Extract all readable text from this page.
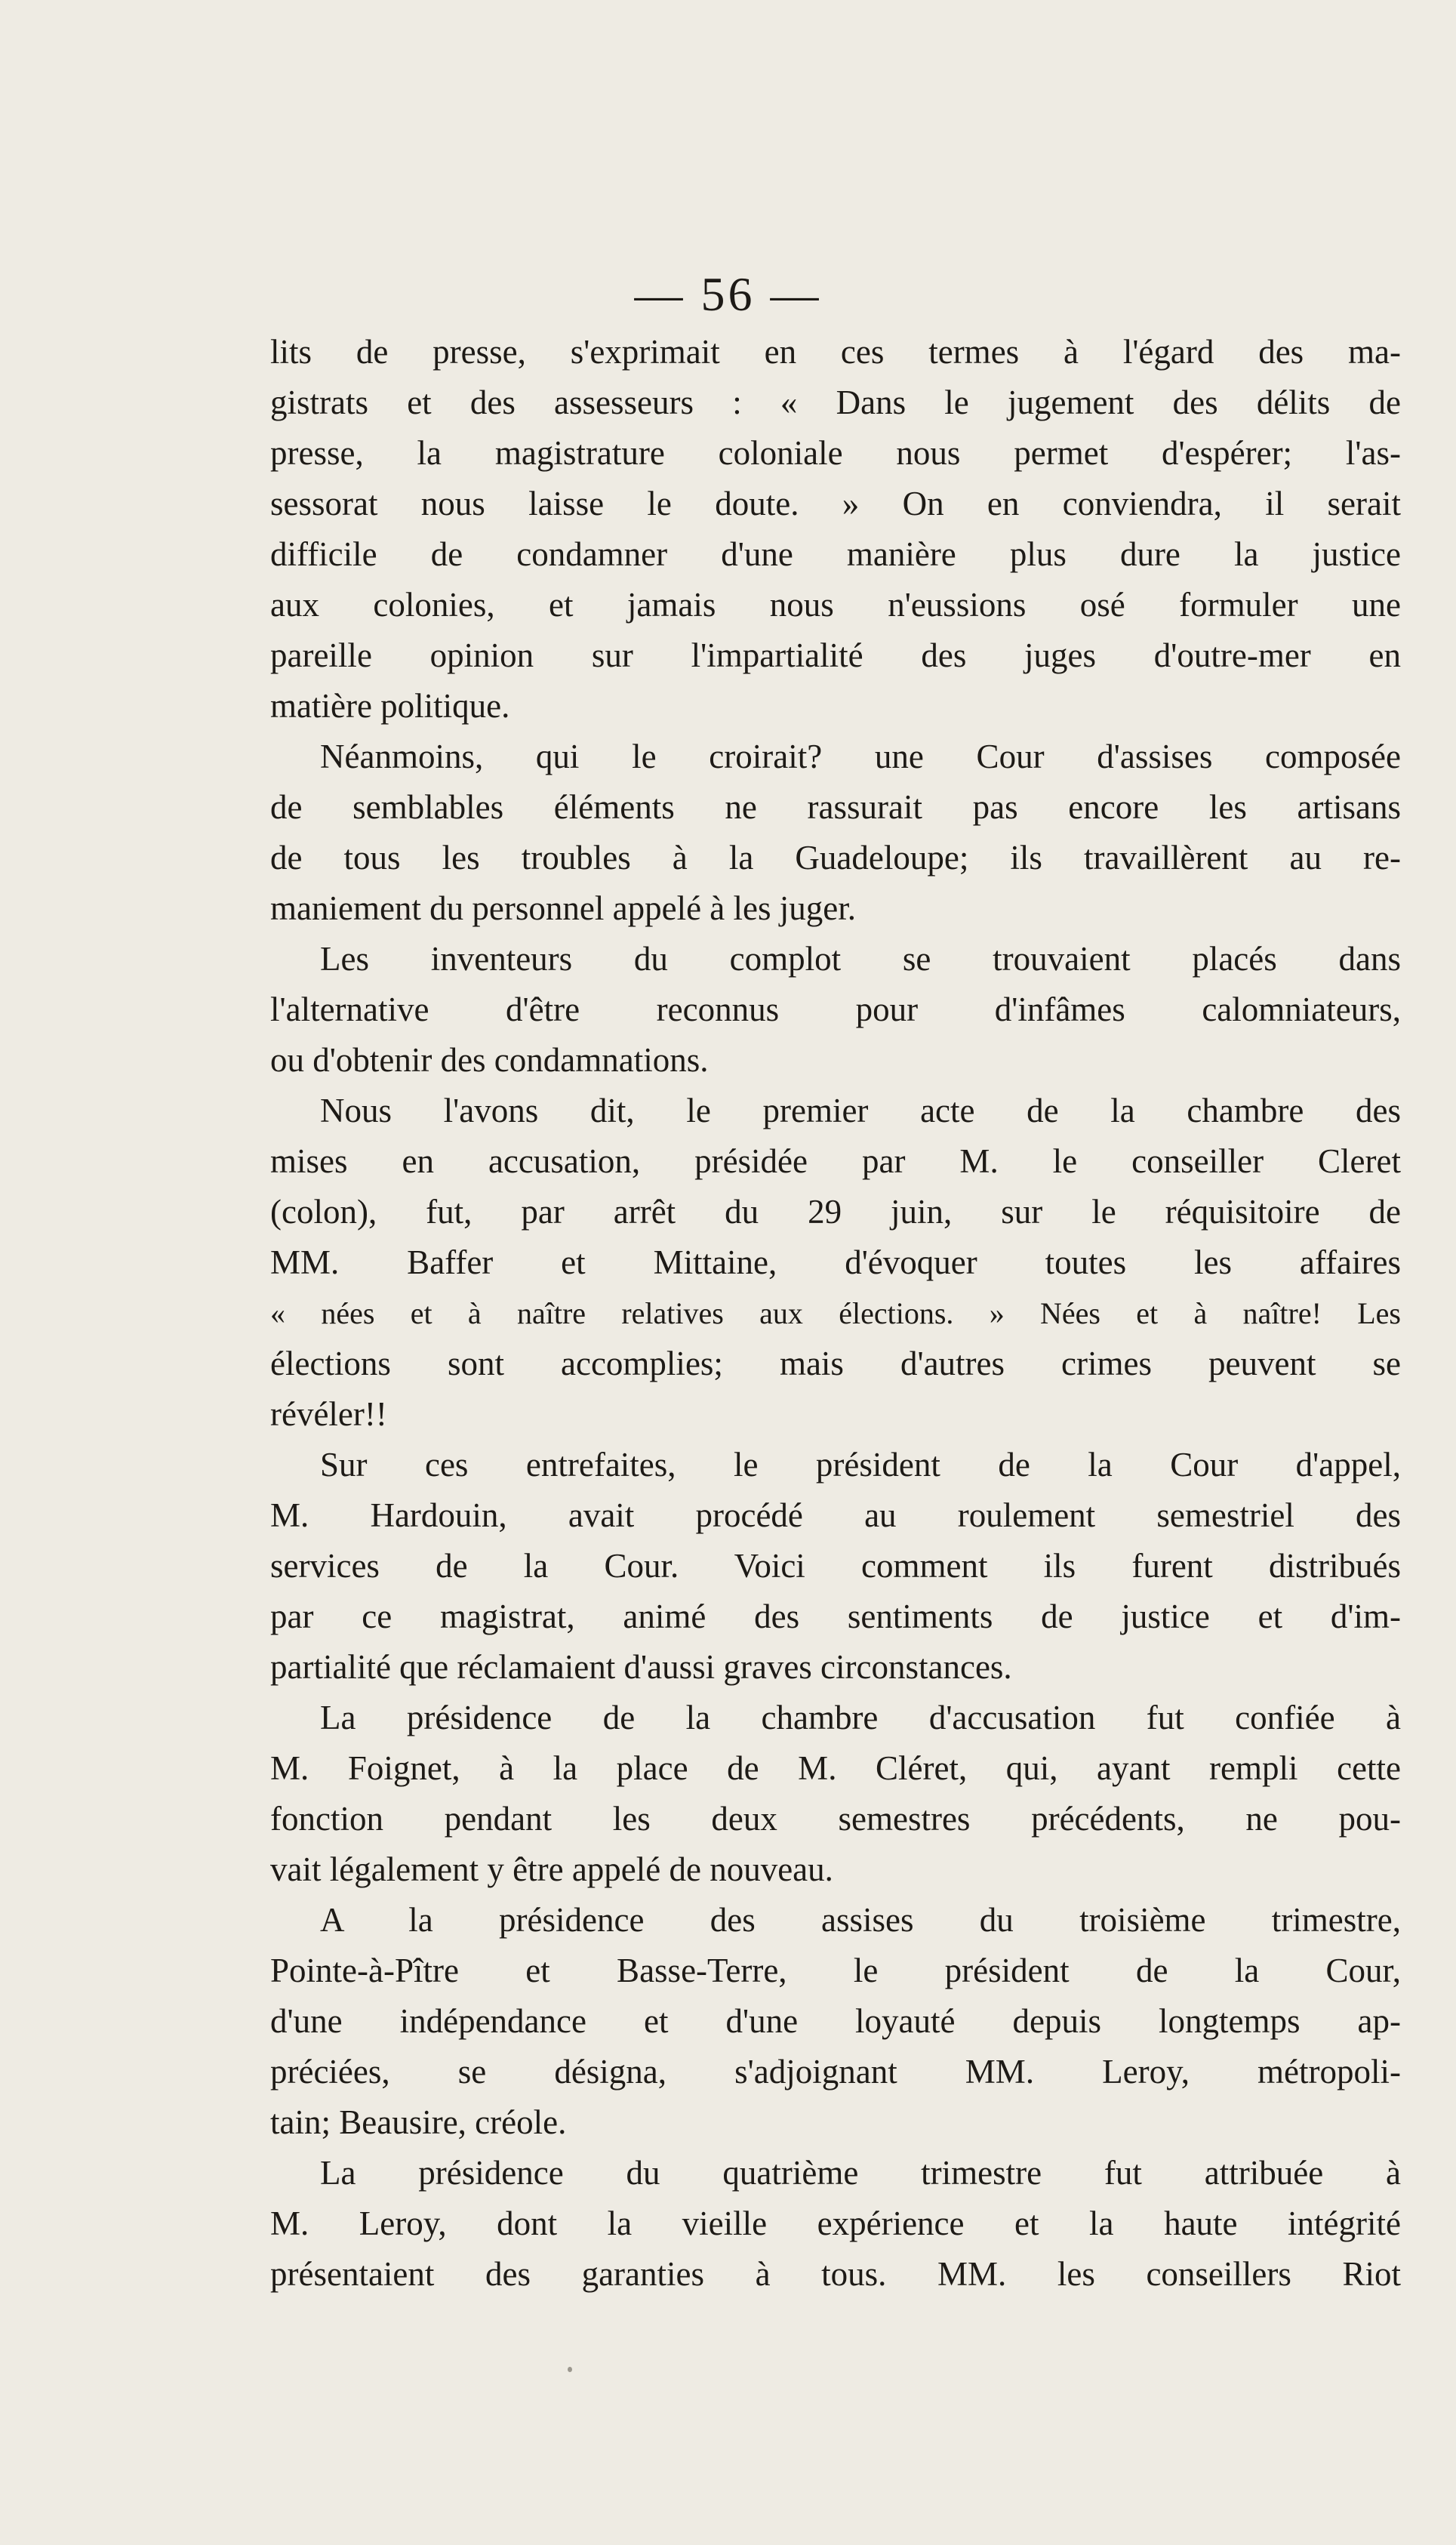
— 56 —
lits de presse, s'exprimait en ces termes à l'égard des ma-
gistrats et des assesseurs : « Dans le jugement des délits de
presse, la magistrature coloniale nous permet d'espérer; l'as-
sessorat nous laisse le doute. » On en conviendra, il serait
difficile de condamner d'une manière plus dure la justice
aux colonies, et jamais nous n'eussions osé formuler une
pareille opinion sur l'impartialité des juges d'outre-mer en
matière politique.
Néanmoins, qui le croirait? une Cour d'assises composée
de semblables éléments ne rassurait pas encore les artisans
de tous les troubles à la Guadeloupe; ils travaillèrent au re-
maniement du personnel appelé à les juger.
Les inventeurs du complot se trouvaient placés dans
l'alternative d'être reconnus pour d'infâmes calomniateurs,
ou d'obtenir des condamnations.
Nous l'avons dit, le premier acte de la chambre des
mises en accusation, présidée par M. le conseiller Cleret
(colon), fut, par arrêt du 29 juin, sur le réquisitoire de
MM. Baffer et Mittaine, d'évoquer toutes les affaires
« nées et à naître relatives aux élections. » Nées et à naître! Les
élections sont accomplies; mais d'autres crimes peuvent se
révéler!!
Sur ces entrefaites, le président de la Cour d'appel,
M. Hardouin, avait procédé au roulement semestriel des
services de la Cour. Voici comment ils furent distribués
par ce magistrat, animé des sentiments de justice et d'im-
partialité que réclamaient d'aussi graves circonstances.
La présidence de la chambre d'accusation fut confiée à
M. Foignet, à la place de M. Cléret, qui, ayant rempli cette
fonction pendant les deux semestres précédents, ne pou-
vait légalement y être appelé de nouveau.
A la présidence des assises du troisième trimestre,
Pointe-à-Pître et Basse-Terre, le président de la Cour,
d'une indépendance et d'une loyauté depuis longtemps ap-
préciées, se désigna, s'adjoignant MM. Leroy, métropoli-
tain; Beausire, créole.
La présidence du quatrième trimestre fut attribuée à
M. Leroy, dont la vieille expérience et la haute intégrité
présentaient des garanties à tous. MM. les conseillers Riot
